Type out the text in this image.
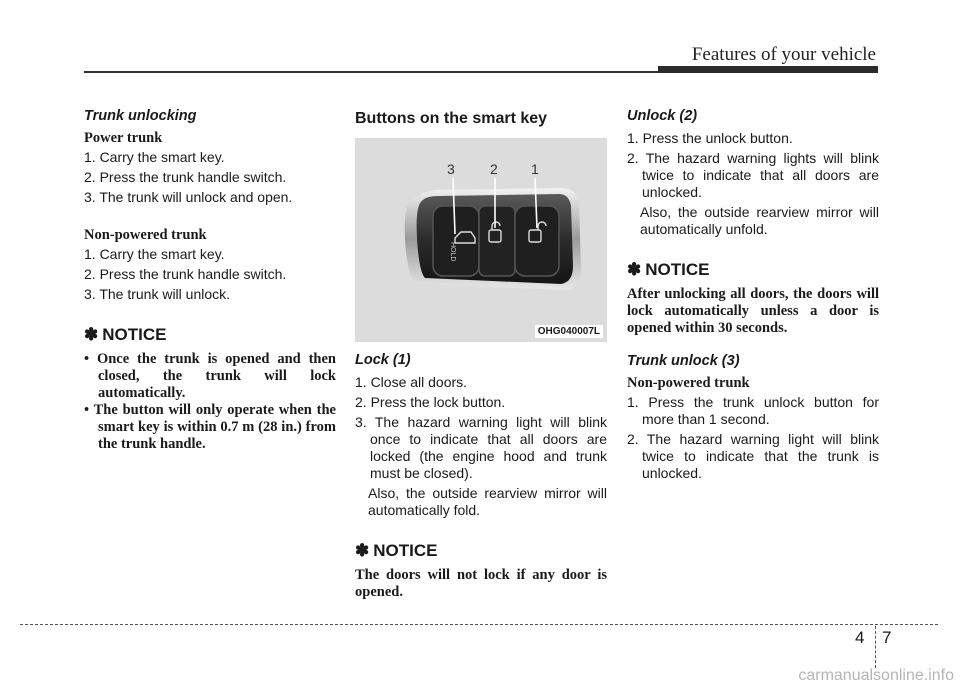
Features of your vehicle

Trunk unlocking

Power trunk

1. Carry the smart key.

2. Press the trunk handle switch.

3. The trunk will unlock and open.

Non-powered trunk

1. Carry the smart key.

2. Press the trunk handle switch.

3. The trunk will unlock.

✽ NOTICE

• Once the trunk is opened and then closed, the trunk will lock automatically.

• The button will only operate when the smart key is within 0.7 m (28 in.) from the trunk handle.

Buttons on the smart key

HOLD
3	2 1
OHG040007L

Lock (1)

1. Close all doors.

2. Press the lock button.

3. The hazard warning light will blink once to indicate that all doors are locked (the engine hood and trunk must be closed).

Also, the outside rearview mirror will automatically fold.

✽ NOTICE

The doors will not lock if any door is opened.

Unlock (2)

1. Press the unlock button.

2. The hazard warning lights will blink twice to indicate that all doors are unlocked.

Also, the outside rearview mirror will automatically unfold.

✽ NOTICE

After unlocking all doors, the doors will lock automatically unless a door is opened within 30 seconds.

Trunk unlock (3)

Non-powered trunk

1. Press the trunk unlock button for more than 1 second.

2. The hazard warning light will blink twice to indicate that the trunk is unlocked.

4 7
carmanualsonline.info
